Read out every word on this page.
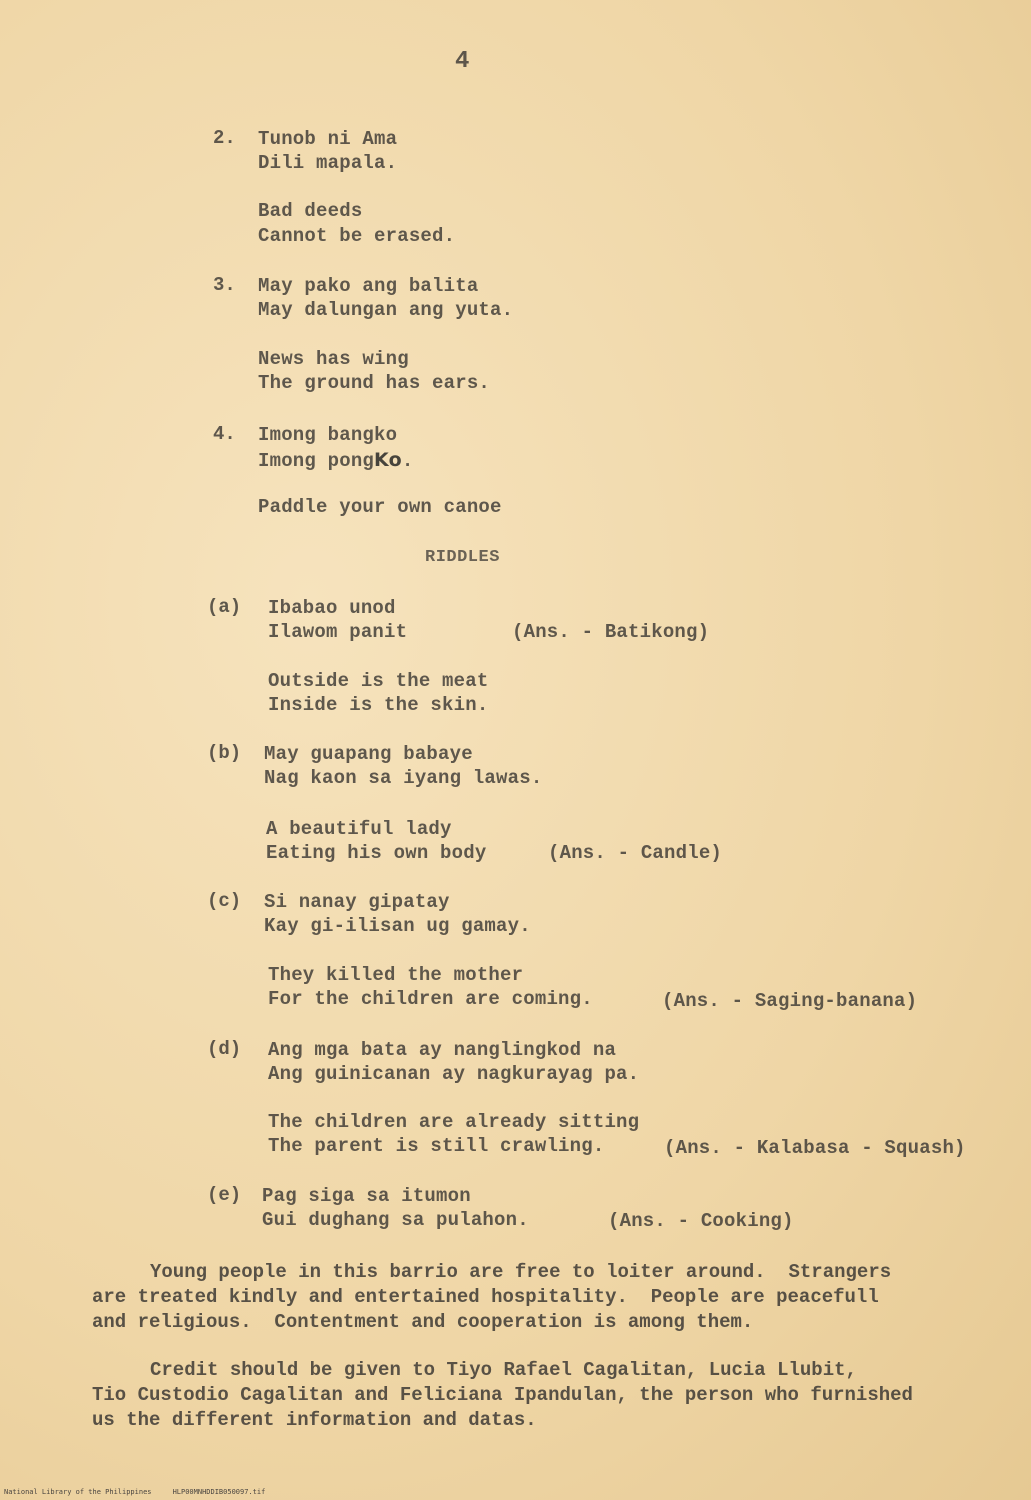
4
2. Tunob ni Ama
Dili mapala.
Bad deeds
Cannot be erased.
3. May pako ang balita
May dalungan ang yuta.
News has wing
The ground has ears.
4. Imong bangko
Imong pongKo.
Paddle your own canoe
RIDDLES
(a) Ibabao unod
Ilawom panit	(Ans. - Batikong)
Outside is the meat
Inside is the skin.
(b) May guapang babaye
Nag kaon sa iyang lawas.
A beautiful lady
Eating his own body	(Ans. - Candle)
(c) Si nanay gipatay
Kay gi-ilisan ug gamay.
They killed the mother
For the children are coming.	(Ans. - Saging-banana)
(d) Ang mga bata ay nanglingkod na
Ang guinicanan ay nagkurayag pa.
The children are already sitting
The parent is still crawling.	(Ans. - Kalabasa - Squash)
(e) Pag siga sa itumon
Gui dughang sa pulahon.	(Ans. - Cooking)
Young people in this barrio are free to loiter around.  Strangers
are treated kindly and entertained hospitality.  People are peacefull
and religious.  Contentment and cooperation is among them.
Credit should be given to Tiyo Rafael Cagalitan, Lucia Llubit,
Tio Custodio Cagalitan and Feliciana Ipandulan, the person who furnished
us the different information and datas.
National Library of the Philippines     HLP00MNHDDIB050097.tif
